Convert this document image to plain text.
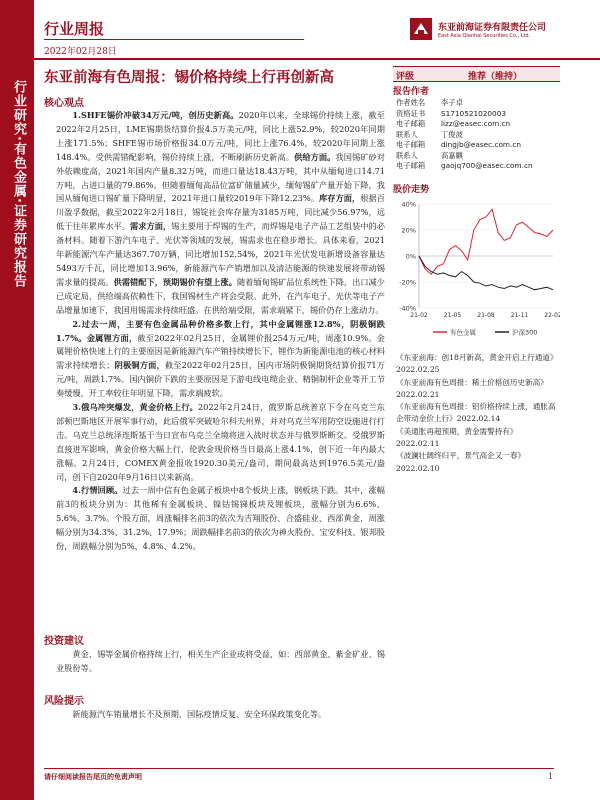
行业研究·有色金属·证券研究报告
行业周报
2022年02月28日
东亚前海证券有限责任公司
East Asia Qianhai Securities Co., Ltd.
东亚前海有色周报：锡价格持续上行再创新高
核心观点

1.SHFE锡价冲破34万元/吨，创历史新高。2020年以来，全球锡价持续上涨，截至2022年2月25日，LME锡期货结算价报4.5万美元/吨，同比上涨52.9%，较2020年同期上涨171.5%；SHFE锡市场价格报34.0万元/吨，同比上涨76.4%，较2020年同期上涨148.4%。受供需错配影响，锡价持续上涨，不断刷新历史新高。供给方面。我国锡矿砂对外依赖度高，2021年国内产量8.32万吨，而进口量达18.43万吨，其中从缅甸进口14.71万吨，占进口量的79.86%。但随着缅甸高品位富矿储量减少，缅甸锡矿产量开始下降，我国从缅甸进口锡矿量下降明显，2021年进口量较2019年下降12.23%。库存方面，根据百川盈孚数据，截至2022年2月18日，锡锭社会库存量为3185万吨，同比减少56.97%，远低于往年累库水平。需求方面，锡主要用于焊锡的生产，而焊锡是电子产品工艺组装中的必备材料。随着下游汽车电子、光伏等领域的发展，锡需求也在稳步增长。具体来看，2021年新能源汽车产量达367.70万辆，同比增加152.54%，2021年光伏发电新增设备容量达5493万千瓦，同比增加13.96%，新能源汽车产销增加以及清洁能源的快速发展将带动锡需求量的提高。供需错配下，预期锡价有望上涨。随着缅甸锡矿品位系统性下降，出口减少已成定局，供给端高依赖性下，我国锡材生产将会受限。此外，在汽车电子、光伏等电子产品增量加速下，我国用锡需求持续旺盛。在供给端受限，需求端紧下，锡价仍存上涨动力。

2.过去一周，主要有色金属品种价格多数上行，其中金属锂涨12.8%，阴极铜跌1.7%。金属锂方面，截至2022年02月25日，金属锂价报254万元/吨，周涨10.9%。金属锂价格快速上行的主要原因是新能源汽车产销持续增长下，锂作为新能源电池的核心材料需求持续增长；阴极铜方面，截至2022年02月25日，国内市场阴极铜期货结算价报71万元/吨，周跌1.7%。国内铜价下跌的主要原因是下游电线电缆企业、精铜制杆企业等开工节奏缓慢，开工率较往年明显下降，需求端疲软。

3.俄乌冲突爆发，黄金价格上行。2022年2月24日，俄罗斯总统普京下令在乌克兰东部顿巴斯地区开展军事行动，此后俄军突破哈尔科夫州界，并对乌克兰军用防空设施进行打击。乌克兰总统泽连斯基于当日宣布乌克兰全境将进入战时状态并与俄罗斯断交。受俄罗斯直接进军影响，黄金价格大幅上行，伦敦金现价格当日最高上涨4.1%，创下近一年内最大涨幅。2月24日，COMEX黄金报收1920.30美元/盎司，期间最高达到1976.5美元/盎司，创下自2020年9月16日以来新高。

4.行情回顾。过去一周中信有色金属子板块中8个板块上涨，钢板块下跌。其中，涨幅前3的板块分别为：其他稀有金属板块、镍钴锡锑板块及锂板块，涨幅分别为6.6%、5.6%、3.7%。个股方面，周涨幅排名前3的依次为吉翔股份、合盛硅业、西部黄金，周涨幅分别为34.3%、31.2%、17.9%；周跌幅排名前3的依次为神火股份、宝安科技、银邦股份，周跌幅分别为5%、4.8%、4.2%。

投资建议

黄金、锡等金属价格持续上行，相关生产企业或将受益，如：西部黄金、紫金矿业、锡业股份等。

风险提示

新能源汽车销量增长不及预期、国际疫情反复、安全环保政策变化等。

评级	推荐（维持）
报告作者
作者姓名	李子卓
资格证书	S1710521020003
电子邮箱	lizz@easec.com.cn
联系人	丁俊波
电子邮箱	dingjb@easec.com.cn
联系人	高嘉麒
电子邮箱	gaojq700@easec.com.cn
股价走势
40%
20%
0%
-20%
-40%
21-02	21-05	21-08	21-11	22-02
有色金属	沪深300
《东亚前海：创18月新高，黄金开启上行通道》2022.02.25
《东亚前海有色周报：稀土价格创历史新高》2022.02.21
《东亚前海有色周报：铝价格持续上涨，通胀高企带动金价上行》2022.02.14
《美通胀再超预期，黄金需警持有》2022.02.11
《波澜壮阔终归平，景气高企又一春》2022.02.10
请仔细阅读报告尾页的免责声明	1
